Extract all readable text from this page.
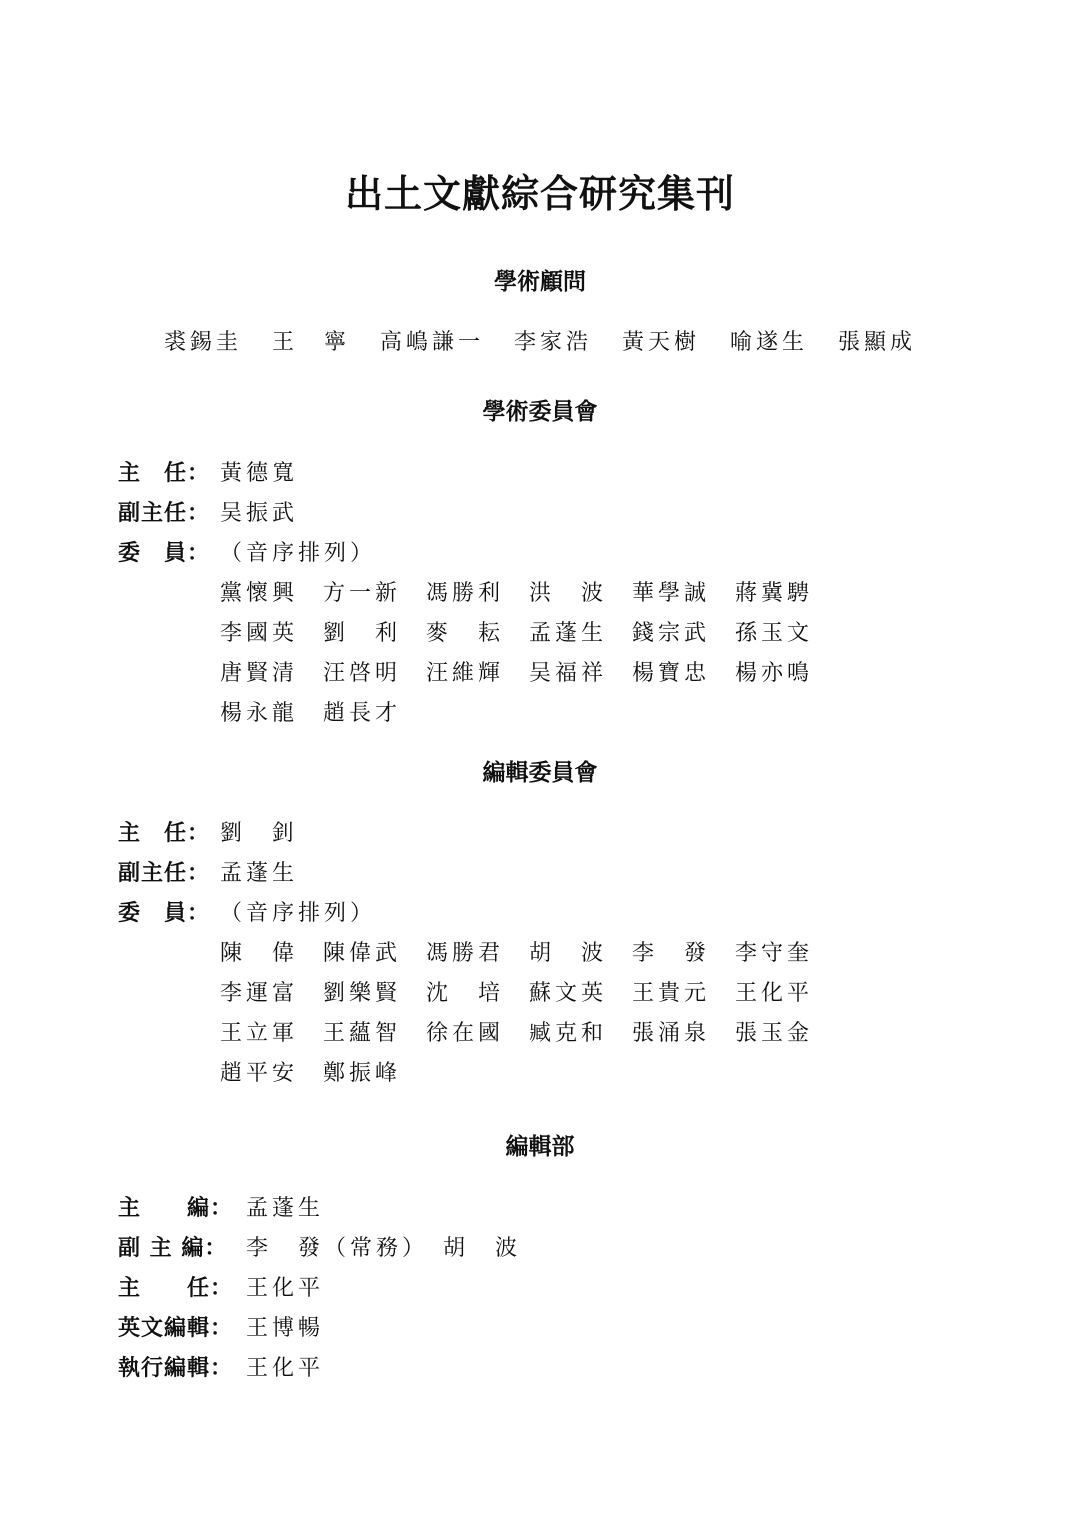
出土文獻綜合研究集刊
學術顧問
裘錫圭 王　寧 高嶋謙一 李家浩 黃天樹 喻遂生 張顯成
學術委員會
主　任： 黃德寬
副主任： 吴振武
委　員： （音序排列）
黨懷興	方一新	馮勝利	洪　波	華學誠	蔣冀騁
李國英	劉　利	麥　耘	孟蓬生	錢宗武	孫玉文
唐賢清	汪啓明	汪維輝	吴福祥	楊寶忠	楊亦鳴
楊永龍	趙長才
編輯委員會
主　任： 劉　釗
副主任： 孟蓬生
委　員： （音序排列）
陳　偉	陳偉武	馮勝君	胡　波	李　發	李守奎
李運富	劉樂賢	沈　培	蘇文英	王貴元	王化平
王立軍	王蘊智	徐在國	臧克和	張涌泉	張玉金
趙平安	鄭振峰
編輯部
主　　編： 孟蓬生
副 主 編： 李　發（常務）　胡　波
主　　任： 王化平
英文編輯： 王博暢
執行編輯： 王化平
